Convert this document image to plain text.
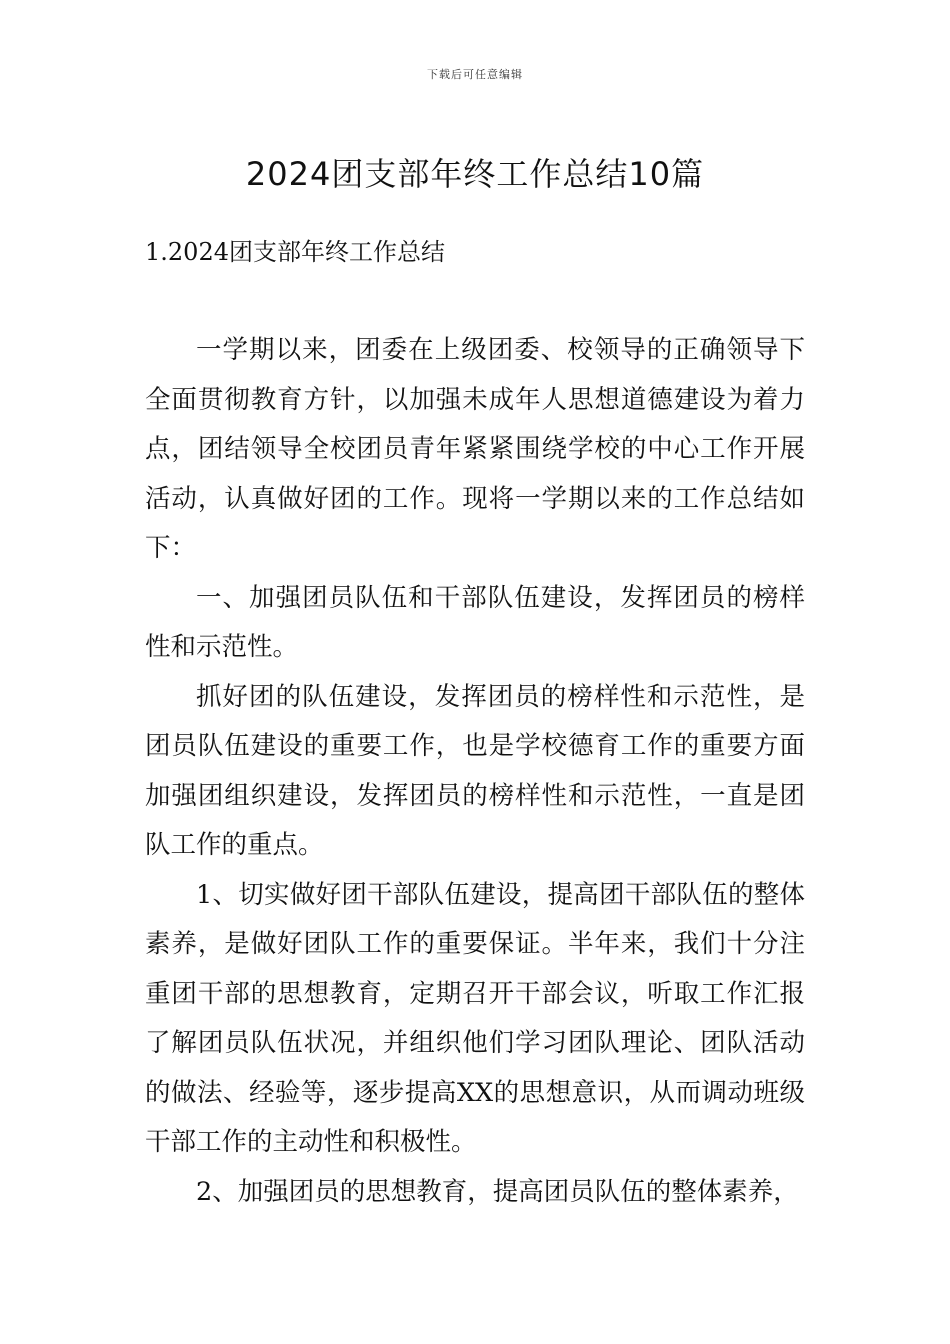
下载后可任意编辑
2024团支部年终工作总结10篇
1.2024团支部年终工作总结

一学期以来，团委在上级团委、校领导的正确领导下全面贯彻教育方针，以加强未成年人思想道德建设为着力点，团结领导全校团员青年紧紧围绕学校的中心工作开展活动，认真做好团的工作。现将一学期以来的工作总结如下：

一、加强团员队伍和干部队伍建设，发挥团员的榜样性和示范性。

抓好团的队伍建设，发挥团员的榜样性和示范性，是团员队伍建设的重要工作，也是学校德育工作的重要方面加强团组织建设，发挥团员的榜样性和示范性，一直是团队工作的重点。

1、切实做好团干部队伍建设，提高团干部队伍的整体素养，是做好团队工作的重要保证。半年来，我们十分注重团干部的思想教育，定期召开干部会议，听取工作汇报了解团员队伍状况，并组织他们学习团队理论、团队活动的做法、经验等，逐步提高XX的思想意识，从而调动班级干部工作的主动性和积极性。

2、加强团员的思想教育，提高团员队伍的整体素养，
